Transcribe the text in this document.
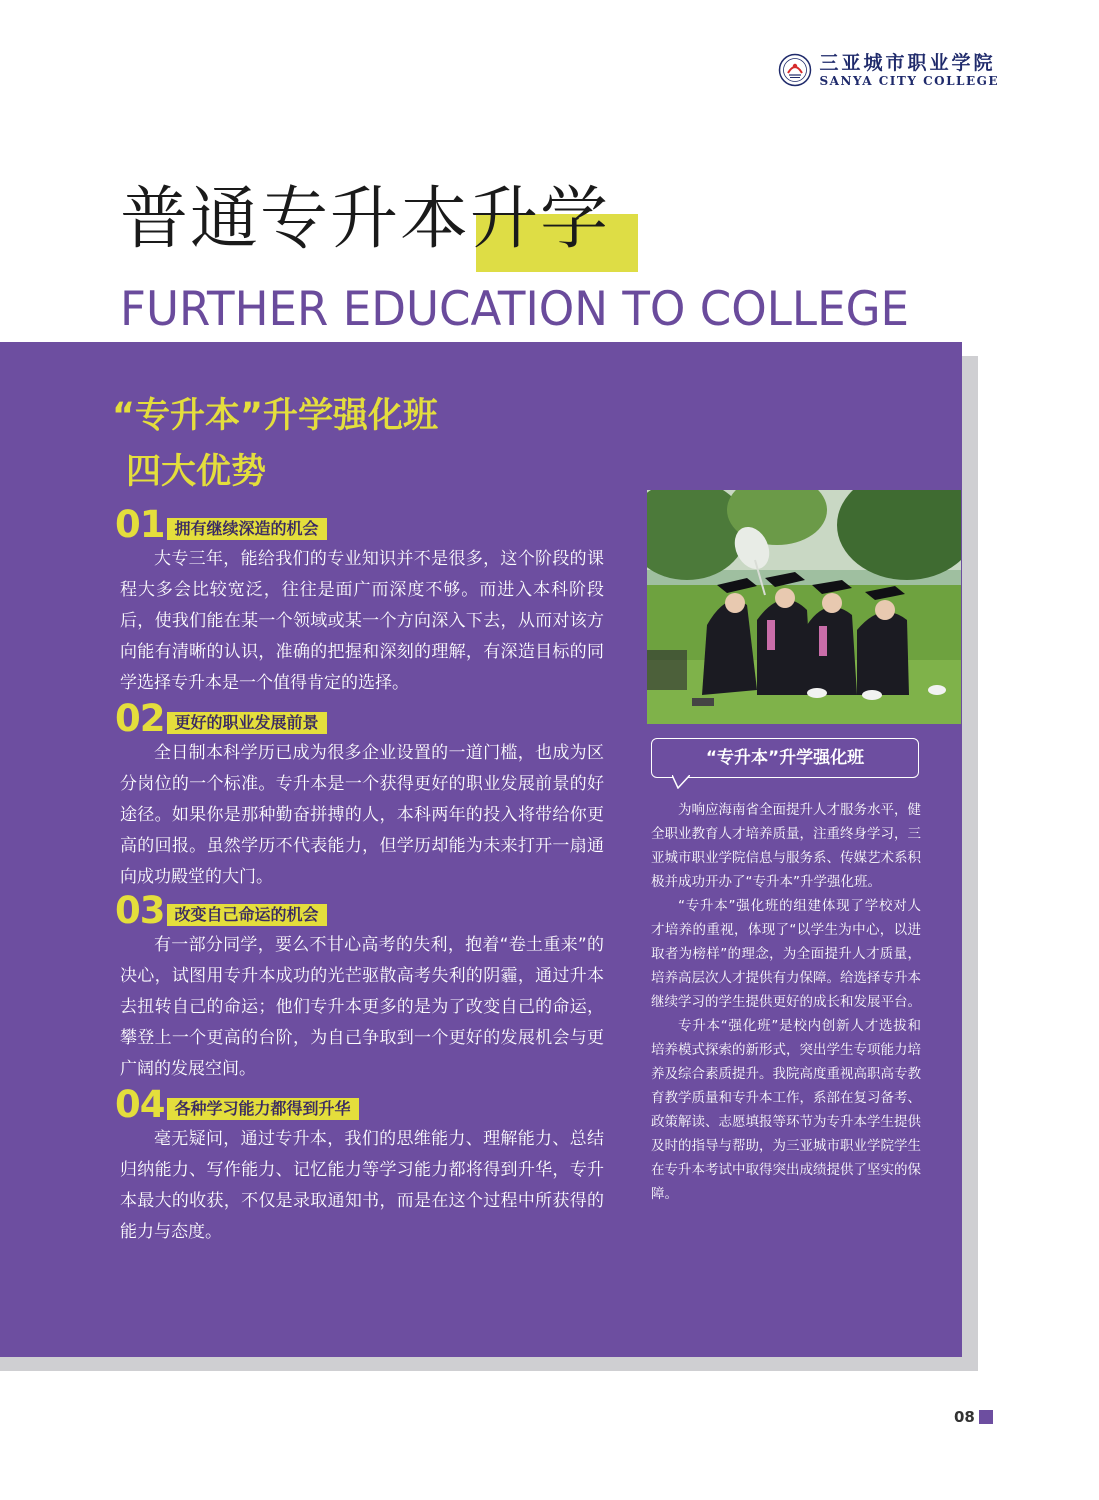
三亚城市职业学院
SANYA CITY COLLEGE
普通专升本升学
FURTHER EDUCATION TO COLLEGE
“专升本”升学强化班
四大优势
01 拥有继续深造的机会

大专三年，能给我们的专业知识并不是很多，这个阶段的课程大多会比较宽泛，往往是面广而深度不够。而进入本科阶段后，使我们能在某一个领域或某一个方向深入下去，从而对该方向能有清晰的认识，准确的把握和深刻的理解，有深造目标的同学选择专升本是一个值得肯定的选择。

02 更好的职业发展前景

全日制本科学历已成为很多企业设置的一道门槛，也成为区分岗位的一个标准。专升本是一个获得更好的职业发展前景的好途径。如果你是那种勤奋拼搏的人，本科两年的投入将带给你更高的回报。虽然学历不代表能力，但学历却能为未来打开一扇通向成功殿堂的大门。

03 改变自己命运的机会

有一部分同学，要么不甘心高考的失利，抱着“卷土重来”的决心，试图用专升本成功的光芒驱散高考失利的阴霾，通过升本去扭转自己的命运；他们专升本更多的是为了改变自己的命运，攀登上一个更高的台阶，为自己争取到一个更好的发展机会与更广阔的发展空间。

04 各种学习能力都得到升华

毫无疑问，通过专升本，我们的思维能力、理解能力、总结归纳能力、写作能力、记忆能力等学习能力都将得到升华，专升本最大的收获，不仅是录取通知书，而是在这个过程中所获得的能力与态度。

“专升本”升学强化班

为响应海南省全面提升人才服务水平，健全职业教育人才培养质量，注重终身学习，三亚城市职业学院信息与服务系、传媒艺术系积极并成功开办了“专升本”升学强化班。

“专升本”强化班的组建体现了学校对人才培养的重视，体现了“以学生为中心，以进取者为榜样”的理念，为全面提升人才质量，培养高层次人才提供有力保障。给选择专升本继续学习的学生提供更好的成长和发展平台。

专升本“强化班”是校内创新人才选拔和培养模式探索的新形式，突出学生专项能力培养及综合素质提升。我院高度重视高职高专教育教学质量和专升本工作，系部在复习备考、政策解读、志愿填报等环节为专升本学生提供及时的指导与帮助，为三亚城市职业学院学生在专升本考试中取得突出成绩提供了坚实的保障。

08
